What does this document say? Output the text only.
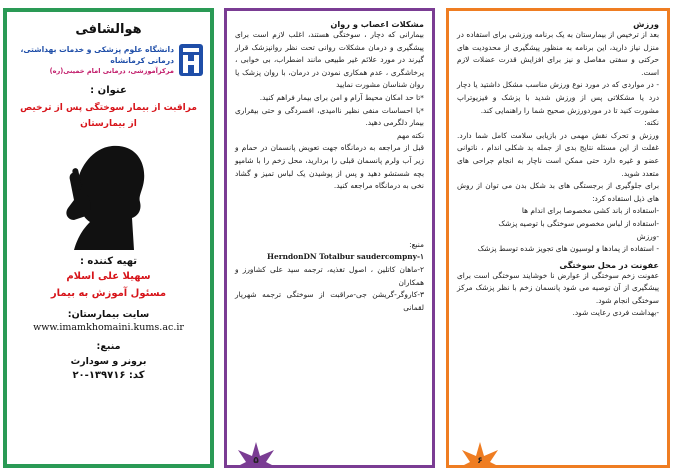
ورزش

بعد از ترخیص از بیمارستان به یک برنامه ورزشی برای استفاده در منزل نیاز دارید، این برنامه به منظور پیشگیری از محدودیت های حرکتی و سفتی مفاصل و نیز برای افزایش قدرت عضلات لازم است.

- در مواردی که در مورد نوع ورزش مناسب مشکل داشتید یا دچار درد یا مشکلاتی پس از ورزش شدید با پزشک و فیزیوتراپ مشورت کنید تا در موردورزش صحیح شما را راهنمایی کند.

نکته:

ورزش و تحرک نقش مهمی در بازیابی سلامت کامل شما دارد. غفلت از این مسئله نتایج بدی از جمله بد شکلی اندام ، ناتوانی عضو و غیره دارد حتی ممکن است ناچار به انجام جراحی های متعدد شوید.

برای جلوگیری از برجستگی های بد شکل بدن می توان از روش های ذیل استفاده کرد:

-استفاده از باند کشی مخصوصا برای اندام ها

-استفاده از لباس مخصوص سوختگی با توصیه پزشک

-ورزش

- استفاده از پمادها و لوسیون های تجویز شده توسط پزشک

عفونت در محل سوختگی

عفونت زخم سوختگی از عوارض نا خوشایند سوختگی است برای پیشگیری از آن توصیه می شود پانسمان زخم با نظر پزشک مرکز سوختگی انجام شود.

-بهداشت فردی رعایت شود.

۶
مشکلات اعصاب و روان

بیمارانی که دچار ، سوختگی هستند، اغلب لازم است برای پیشگیری و درمان مشکلات روانی تحت نظر روانپزشک قرار گیرند در مورد علائم غیر طبیعی مانند اضطراب، بی خوابی ، پرخاشگری ، عدم همکاری نمودن در درمان، با روان پزشک یا روان شناسان مشورت نمایید

*تا حد امکان محیط آرام و امن برای بیمار فراهم کنید.

*با احساسات منفی نظیر ناامیدی، افسردگی و حتی بیقراری بیمار دلگرمی دهید.

نکته مهم

قبل از مراجعه به درمانگاه جهت تعویض پانسمان در حمام و زیر آب ولرم پانسمان قبلی را بردارید، محل زخم را با شامپو بچه شستشو دهید و پس از پوشیدن یک لباس تمیز و گشاد نخی به درمانگاه مراجعه کنید.

منبع:

HerndonDN Totalbur saudercompny-۱

۲-ماهان کاتلین ، اصول تغذیه، ترجمه سید علی کشاورز و همکاران

۳-کاروگر-گریشن جی-مراقبت از سوختگی ترجمه شهریار لقمانی

۵
هوالشافی
دانشگاه علوم پزشکی و خدمات بهداشتی،
درمانی کرمانشاه
مرکزآموزشی، درمانی امام خمینی(ره)
عنوان :
مراقبت از بیمار سوختگی پس از ترخیص از بیمارستان
تهیه کننده :
سهیلا علی اسلام
مسئول آموزش به بیمار
سایت بیمارستان:
www.imamkhomaini.kums.ac.ir
منبع:
برونر و سودارث
کد: ۱۳۹۷۱۶-۲۰
